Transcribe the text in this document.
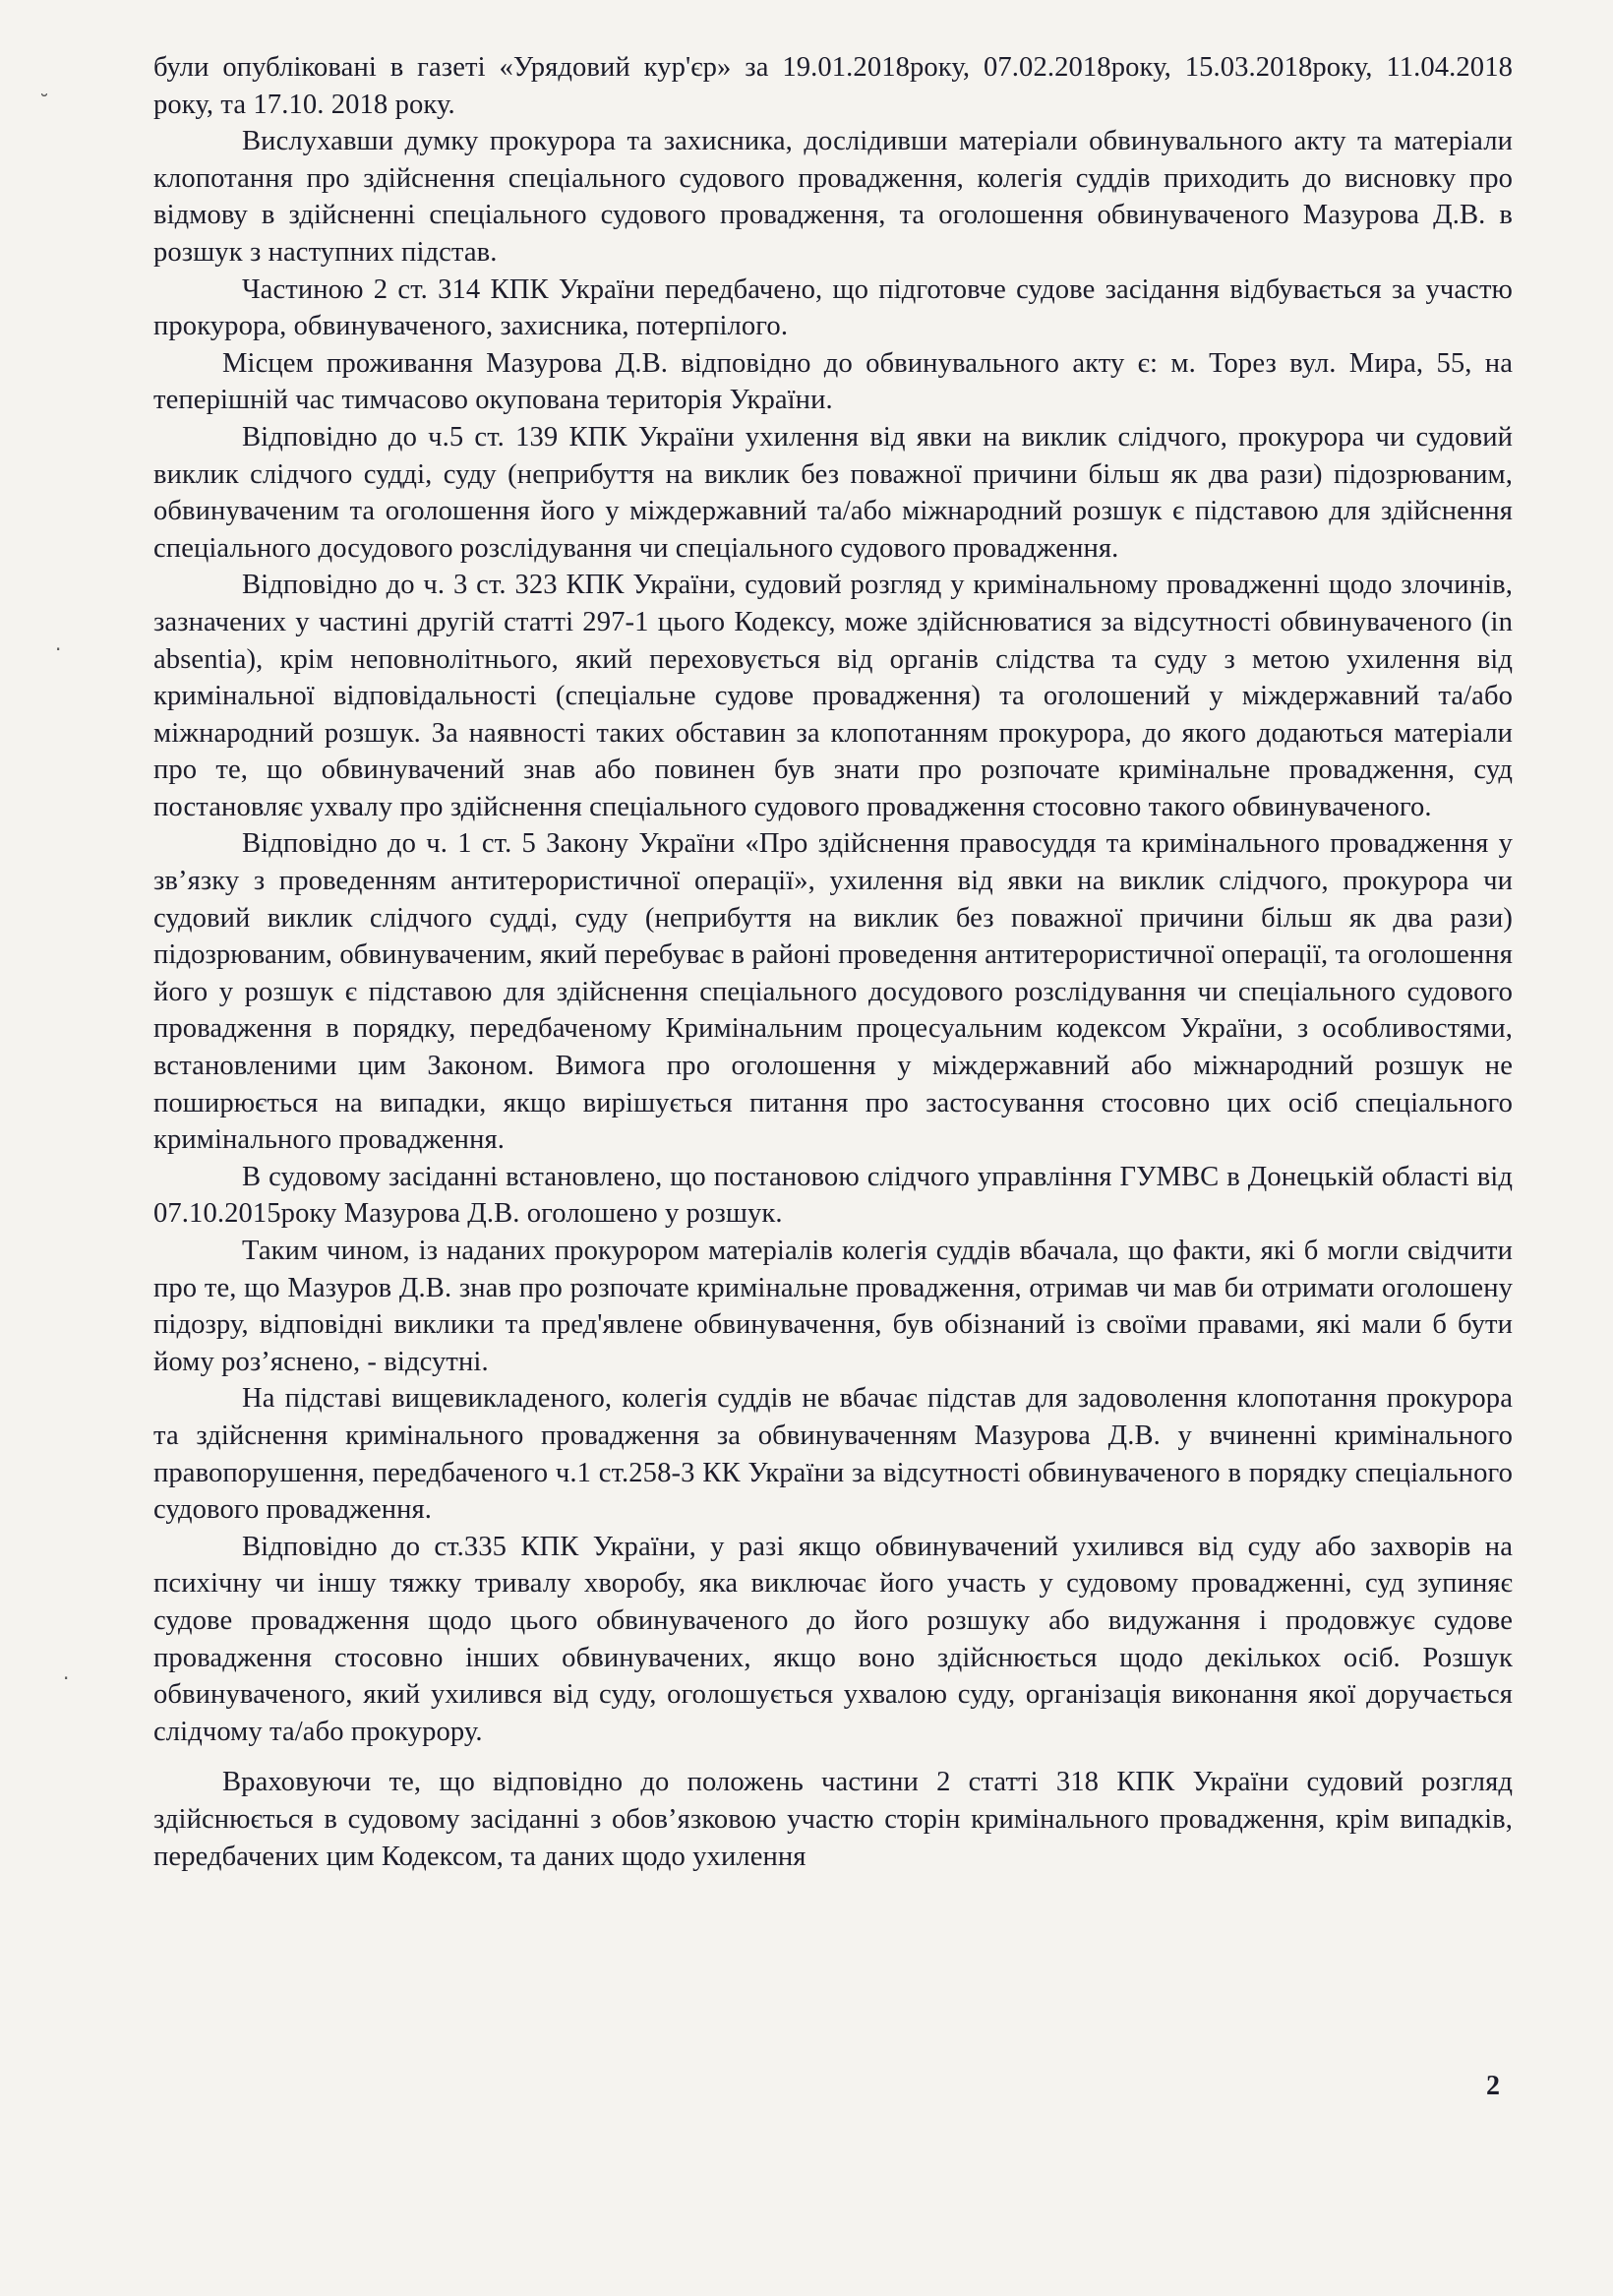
˘
·
·

були опубліковані в газеті «Урядовий кур'єр» за 19.01.2018року, 07.02.2018року, 15.03.2018року, 11.04.2018 року, та 17.10. 2018 року.

Вислухавши думку прокурора та захисника, дослідивши матеріали обвинувального акту та матеріали клопотання про здійснення спеціального судового провадження, колегія суддів приходить до висновку про відмову в здійсненні спеціального судового провадження, та оголошення обвинуваченого Мазурова Д.В. в розшук з наступних підстав.

Частиною 2 ст. 314 КПК України передбачено, що підготовче судове засідання відбувається за участю прокурора, обвинуваченого, захисника, потерпілого.

Місцем проживання Мазурова Д.В. відповідно до обвинувального акту є: м. Торез вул. Мира, 55, на теперішній час тимчасово окупована територія України.

Відповідно до ч.5 ст. 139 КПК України ухилення від явки на виклик слідчого, прокурора чи судовий виклик слідчого судді, суду (неприбуття на виклик без поважної причини більш як два рази) підозрюваним, обвинуваченим та оголошення його у міждержавний та/або міжнародний розшук є підставою для здійснення спеціального досудового розслідування чи спеціального судового провадження.

Відповідно до ч. 3 ст. 323 КПК України, судовий розгляд у кримінальному провадженні щодо злочинів, зазначених у частині другій статті 297-1 цього Кодексу, може здійснюватися за відсутності обвинуваченого (in absentia), крім неповнолітнього, який переховується від органів слідства та суду з метою ухилення від кримінальної відповідальності (спеціальне судове провадження) та оголошений у міждержавний та/або міжнародний розшук. За наявності таких обставин за клопотанням прокурора, до якого додаються матеріали про те, що обвинувачений знав або повинен був знати про розпочате кримінальне провадження, суд постановляє ухвалу про здійснення спеціального судового провадження стосовно такого обвинуваченого.

Відповідно до ч. 1 ст. 5 Закону України «Про здійснення правосуддя та кримінального провадження у зв’язку з проведенням антитерористичної операції», ухилення від явки на виклик слідчого, прокурора чи судовий виклик слідчого судді, суду (неприбуття на виклик без поважної причини більш як два рази) підозрюваним, обвинуваченим, який перебуває в районі проведення антитерористичної операції, та оголошення його у розшук є підставою для здійснення спеціального досудового розслідування чи спеціального судового провадження в порядку, передбаченому Кримінальним процесуальним кодексом України, з особливостями, встановленими цим Законом. Вимога про оголошення у міждержавний або міжнародний розшук не поширюється на випадки, якщо вирішується питання про застосування стосовно цих осіб спеціального кримінального провадження.

В судовому засіданні встановлено, що постановою слідчого управління ГУМВС в Донецькій області від 07.10.2015року Мазурова Д.В. оголошено у розшук.

Таким чином, із наданих прокурором матеріалів колегія суддів вбачала, що факти, які б могли свідчити про те, що Мазуров Д.В. знав про розпочате кримінальне провадження, отримав чи мав би отримати оголошену підозру, відповідні виклики та пред'явлене обвинувачення, був обізнаний із своїми правами, які мали б бути йому роз’яснено, - відсутні.

На підставі вищевикладеного, колегія суддів не вбачає підстав для задоволення клопотання прокурора та здійснення кримінального провадження за обвинуваченням Мазурова Д.В. у вчиненні кримінального правопорушення, передбаченого ч.1 ст.258-3 КК України за відсутності обвинуваченого в порядку спеціального судового провадження.

Відповідно до ст.335 КПК України, у разі якщо обвинувачений ухилився від суду або захворів на психічну чи іншу тяжку тривалу хворобу, яка виключає його участь у судовому провадженні, суд зупиняє судове провадження щодо цього обвинуваченого до його розшуку або видужання і продовжує судове провадження стосовно інших обвинувачених, якщо воно здійснюється щодо декількох осіб. Розшук обвинуваченого, який ухилився від суду, оголошується ухвалою суду, організація виконання якої доручається слідчому та/або прокурору.

Враховуючи те, що відповідно до положень частини 2 статті 318 КПК України судовий розгляд здійснюється в судовому засіданні з обов’язковою участю сторін кримінального провадження, крім випадків, передбачених цим Кодексом, та даних щодо ухилення

2
